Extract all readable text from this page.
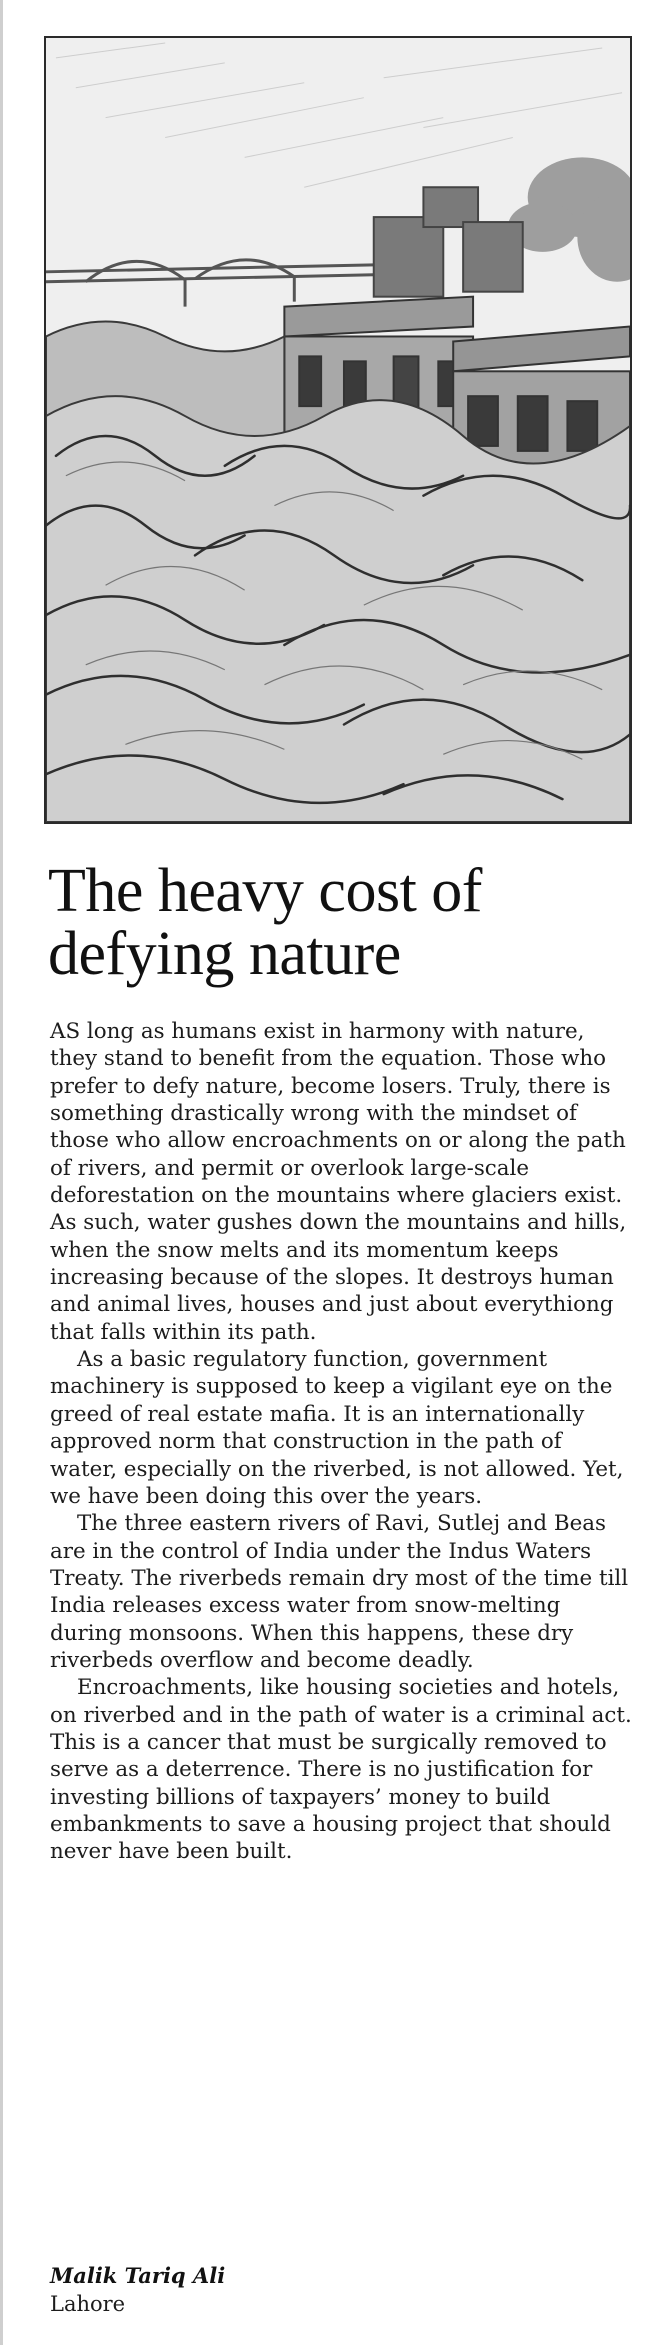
The heavy cost of defying nature

AS long as humans exist in harmony with nature, they stand to benefit from the equation. Those who prefer to defy nature, become losers. Truly, there is something drastically wrong with the mindset of those who allow encroachments on or along the path of rivers, and permit or overlook large-scale deforestation on the mountains where glaciers exist. As such, water gushes down the mountains and hills, when the snow melts and its momentum keeps increasing because of the slopes. It destroys human and animal lives, houses and just about everythiong that falls within its path.

As a basic regulatory function, government machinery is supposed to keep a vigilant eye on the greed of real estate mafia. It is an internationally approved norm that construction in the path of water, especially on the riverbed, is not allowed. Yet, we have been doing this over the years.

The three eastern rivers of Ravi, Sutlej and Beas are in the control of India under the Indus Waters Treaty. The riverbeds remain dry most of the time till India releases excess water from snow-melting during monsoons. When this happens, these dry riverbeds overflow and become deadly.

Encroachments, like housing societies and hotels, on riverbed and in the path of water is a criminal act. This is a cancer that must be surgically removed to serve as a deterrence. There is no justification for investing billions of taxpayers’ money to build embankments to save a housing project that should never have been built.

Malik Tariq Ali
Lahore
